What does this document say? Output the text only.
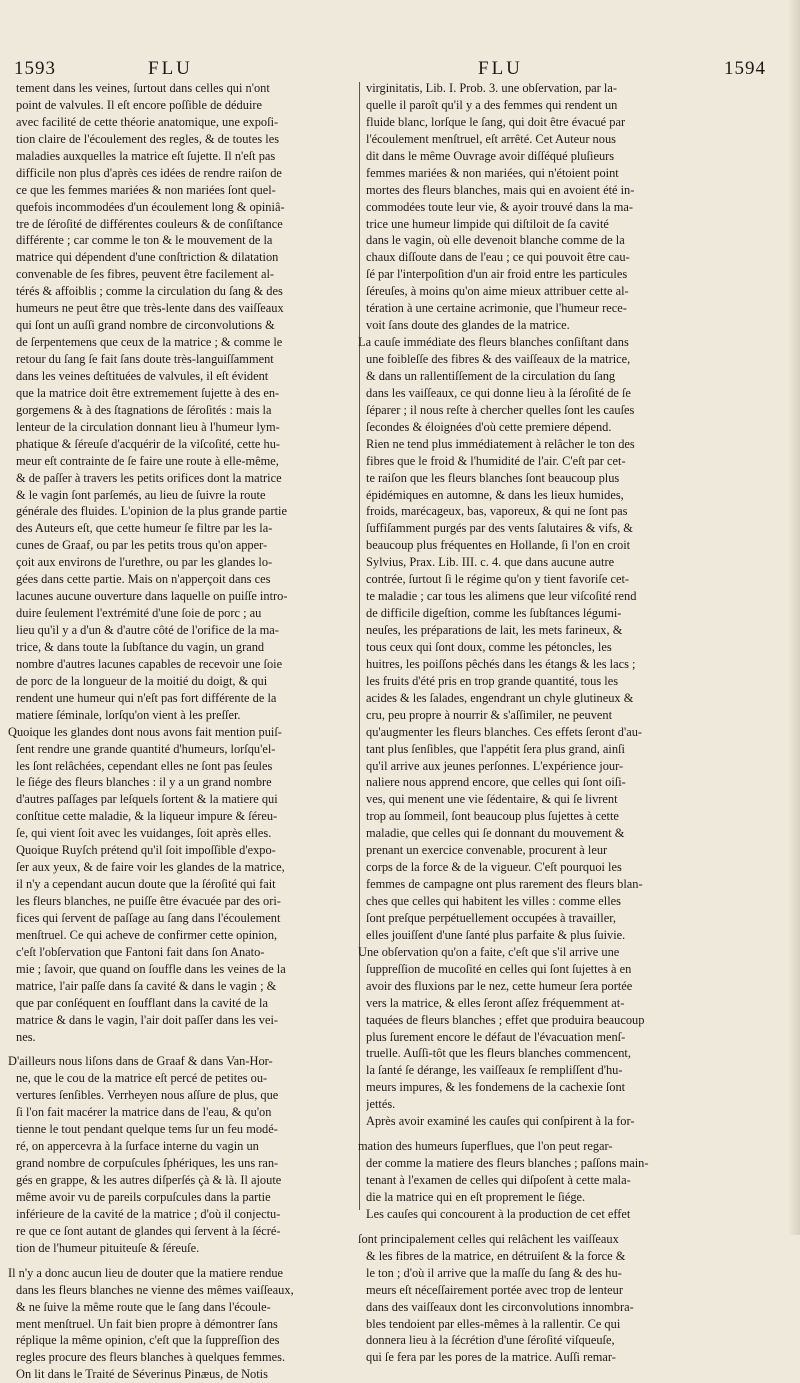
1593	FLU	FLU	1594
tement dans les veines, ſurtout dans celles qui n'ont
point de valvules. Il eſt encore poſſible de déduire
avec facilité de cette théorie anatomique, une expoſi-
tion claire de l'écoulement des regles, & de toutes les
maladies auxquelles la matrice eſt ſujette. Il n'eſt pas
difficile non plus d'après ces idées de rendre raiſon de
ce que les femmes mariées & non mariées ſont quel-
quefois incommodées d'un écoulement long & opiniâ-
tre de ſéroſité de différentes couleurs & de conſiſtance
différente ; car comme le ton & le mouvement de la
matrice qui dépendent d'une conſtriction & dilatation
convenable de ſes fibres, peuvent être facilement al-
térés & affoiblis ; comme la circulation du ſang & des
humeurs ne peut être que très-lente dans des vaiſſeaux
qui ſont un auſſi grand nombre de circonvolutions &
de ſerpentemens que ceux de la matrice ; & comme le
retour du ſang ſe fait ſans doute très-languiſſamment
dans les veines deſtituées de valvules, il eſt évident
que la matrice doit être extremement ſujette à des en-
gorgemens & à des ſtagnations de ſéroſités : mais la
lenteur de la circulation donnant lieu à l'humeur lym-
phatique & ſéreuſe d'acquérir de la viſcoſité, cette hu-
meur eſt contrainte de ſe faire une route à elle-même,
& de paſſer à travers les petits orifices dont la matrice
& le vagin ſont parſemés, au lieu de ſuivre la route
générale des fluides. L'opinion de la plus grande partie
des Auteurs eſt, que cette humeur ſe filtre par les la-
cunes de Graaf, ou par les petits trous qu'on apper-
çoit aux environs de l'urethre, ou par les glandes lo-
gées dans cette partie. Mais on n'apperçoit dans ces
lacunes aucune ouverture dans laquelle on puiſſe intro-
duire ſeulement l'extrémité d'une ſoie de porc ; au
lieu qu'il y a d'un & d'autre côté de l'orifice de la ma-
trice, & dans toute la ſubſtance du vagin, un grand
nombre d'autres lacunes capables de recevoir une ſoie
de porc de la longueur de la moitié du doigt, & qui
rendent une humeur qui n'eſt pas fort différente de la
matiere ſéminale, lorſqu'on vient à les preſſer.
Quoique les glandes dont nous avons fait mention puiſ-
ſent rendre une grande quantité d'humeurs, lorſqu'el-
les ſont relâchées, cependant elles ne ſont pas ſeules
le ſiége des fleurs blanches : il y a un grand nombre
d'autres paſſages par leſquels ſortent & la matiere qui
conſtitue cette maladie, & la liqueur impure & ſéreu-
ſe, qui vient ſoit avec les vuidanges, ſoit après elles.
Quoique Ruyſch prétend qu'il ſoit impoſſible d'expo-
ſer aux yeux, & de faire voir les glandes de la matrice,
il n'y a cependant aucun doute que la ſéroſité qui fait
les fleurs blanches, ne puiſſe être évacuée par des ori-
fices qui ſervent de paſſage au ſang dans l'écoulement
menſtruel. Ce qui acheve de confirmer cette opinion,
c'eſt l'obſervation que Fantoni fait dans ſon Anato-
mie ; ſavoir, que quand on ſouffle dans les veines de la
matrice, l'air paſſe dans ſa cavité & dans le vagin ; &
que par conſéquent en ſoufflant dans la cavité de la
matrice & dans le vagin, l'air doit paſſer dans les vei-
nes.
D'ailleurs nous liſons dans de Graaf & dans Van-Hor-
ne, que le cou de la matrice eſt percé de petites ou-
vertures ſenſibles. Verrheyen nous aſſure de plus, que
ſi l'on fait macérer la matrice dans de l'eau, & qu'on
tienne le tout pendant quelque tems ſur un feu modé-
ré, on appercevra à la ſurface interne du vagin un
grand nombre de corpuſcules ſphériques, les uns ran-
gés en grappe, & les autres diſperſés çà & là. Il ajoute
même avoir vu de pareils corpuſcules dans la partie
inférieure de la cavité de la matrice ; d'où il conjectu-
re que ce ſont autant de glandes qui ſervent à la ſécré-
tion de l'humeur pituiteuſe & ſéreuſe.
Il n'y a donc aucun lieu de douter que la matiere rendue
dans les fleurs blanches ne vienne des mêmes vaiſſeaux,
& ne ſuive la même route que le ſang dans l'écoule-
ment menſtruel. Un fait bien propre à démontrer ſans
réplique la même opinion, c'eſt que la ſuppreſſion des
regles procure des fleurs blanches à quelques femmes.
On lit dans le Traité de Séverinus Pinæus, de Notis
virginitatis, Lib. I. Prob. 3. une obſervation, par la-
quelle il paroît qu'il y a des femmes qui rendent un
fluide blanc, lorſque le ſang, qui doit être évacué par
l'écoulement menſtruel, eſt arrêté. Cet Auteur nous
dit dans le même Ouvrage avoir diſſéqué pluſieurs
femmes mariées & non mariées, qui n'étoient point
mortes des fleurs blanches, mais qui en avoient été in-
commodées toute leur vie, & ayoir trouvé dans la ma-
trice une humeur limpide qui diſtiloit de ſa cavité
dans le vagin, où elle devenoit blanche comme de la
chaux diſſoute dans de l'eau ; ce qui pouvoit être cau-
ſé par l'interpoſition d'un air froid entre les particules
ſéreuſes, à moins qu'on aime mieux attribuer cette al-
tération à une certaine acrimonie, que l'humeur rece-
voit ſans doute des glandes de la matrice.
La cauſe immédiate des fleurs blanches conſiſtant dans
une foibleſſe des fibres & des vaiſſeaux de la matrice,
& dans un rallentiſſement de la circulation du ſang
dans les vaiſſeaux, ce qui donne lieu à la ſéroſité de ſe
ſéparer ; il nous reſte à chercher quelles ſont les cauſes
ſecondes & éloignées d'où cette premiere dépend.
Rien ne tend plus immédiatement à relâcher le ton des
fibres que le froid & l'humidité de l'air. C'eſt par cet-
te raiſon que les fleurs blanches ſont beaucoup plus
épidémiques en automne, & dans les lieux humides,
froids, marécageux, bas, vaporeux, & qui ne ſont pas
ſuffiſamment purgés par des vents ſalutaires & vifs, &
beaucoup plus fréquentes en Hollande, ſi l'on en croit
Sylvius, Prax. Lib. III. c. 4. que dans aucune autre
contrée, ſurtout ſi le régime qu'on y tient favoriſe cet-
te maladie ; car tous les alimens que leur viſcoſité rend
de difficile digeſtion, comme les ſubſtances légumi-
neuſes, les préparations de lait, les mets farineux, &
tous ceux qui ſont doux, comme les pétoncles, les
huitres, les poiſſons pêchés dans les étangs & les lacs ;
les fruits d'été pris en trop grande quantité, tous les
acides & les ſalades, engendrant un chyle glutineux &
cru, peu propre à nourrir & s'aſſimiler, ne peuvent
qu'augmenter les fleurs blanches. Ces effets ſeront d'au-
tant plus ſenſibles, que l'appétit ſera plus grand, ainſi
qu'il arrive aux jeunes perſonnes. L'expérience jour-
naliere nous apprend encore, que celles qui ſont oiſi-
ves, qui menent une vie ſédentaire, & qui ſe livrent
trop au ſommeil, ſont beaucoup plus ſujettes à cette
maladie, que celles qui ſe donnant du mouvement &
prenant un exercice convenable, procurent à leur
corps de la force & de la vigueur. C'eſt pourquoi les
femmes de campagne ont plus rarement des fleurs blan-
ches que celles qui habitent les villes : comme elles
ſont preſque perpétuellement occupées à travailler,
elles jouiſſent d'une ſanté plus parfaite & plus ſuivie.
Une obſervation qu'on a faite, c'eſt que s'il arrive une
ſuppreſſion de mucoſité en celles qui ſont ſujettes à en
avoir des fluxions par le nez, cette humeur ſera portée
vers la matrice, & elles ſeront aſſez fréquemment at-
taquées de fleurs blanches ; effet que produira beaucoup
plus ſurement encore le défaut de l'évacuation menſ-
truelle. Auſſi-tôt que les fleurs blanches commencent,
la ſanté ſe dérange, les vaiſſeaux ſe rempliſſent d'hu-
meurs impures, & les fondemens de la cachexie ſont
jettés.
Après avoir examiné les cauſes qui conſpirent à la for-
mation des humeurs ſuperflues, que l'on peut regar-
der comme la matiere des fleurs blanches ; paſſons main-
tenant à l'examen de celles qui diſpoſent à cette mala-
die la matrice qui en eſt proprement le ſiége.
Les cauſes qui concourent à la production de cet effet
ſont principalement celles qui relâchent les vaiſſeaux
& les fibres de la matrice, en détruiſent & la force &
le ton ; d'où il arrive que la maſſe du ſang & des hu-
meurs eſt néceſſairement portée avec trop de lenteur
dans des vaiſſeaux dont les circonvolutions innombra-
bles tendoient par elles-mêmes à la rallentir. Ce qui
donnera lieu à la ſécrétion d'une ſéroſité viſqueuſe,
qui ſe fera par les pores de la matrice. Auſſi remar-
